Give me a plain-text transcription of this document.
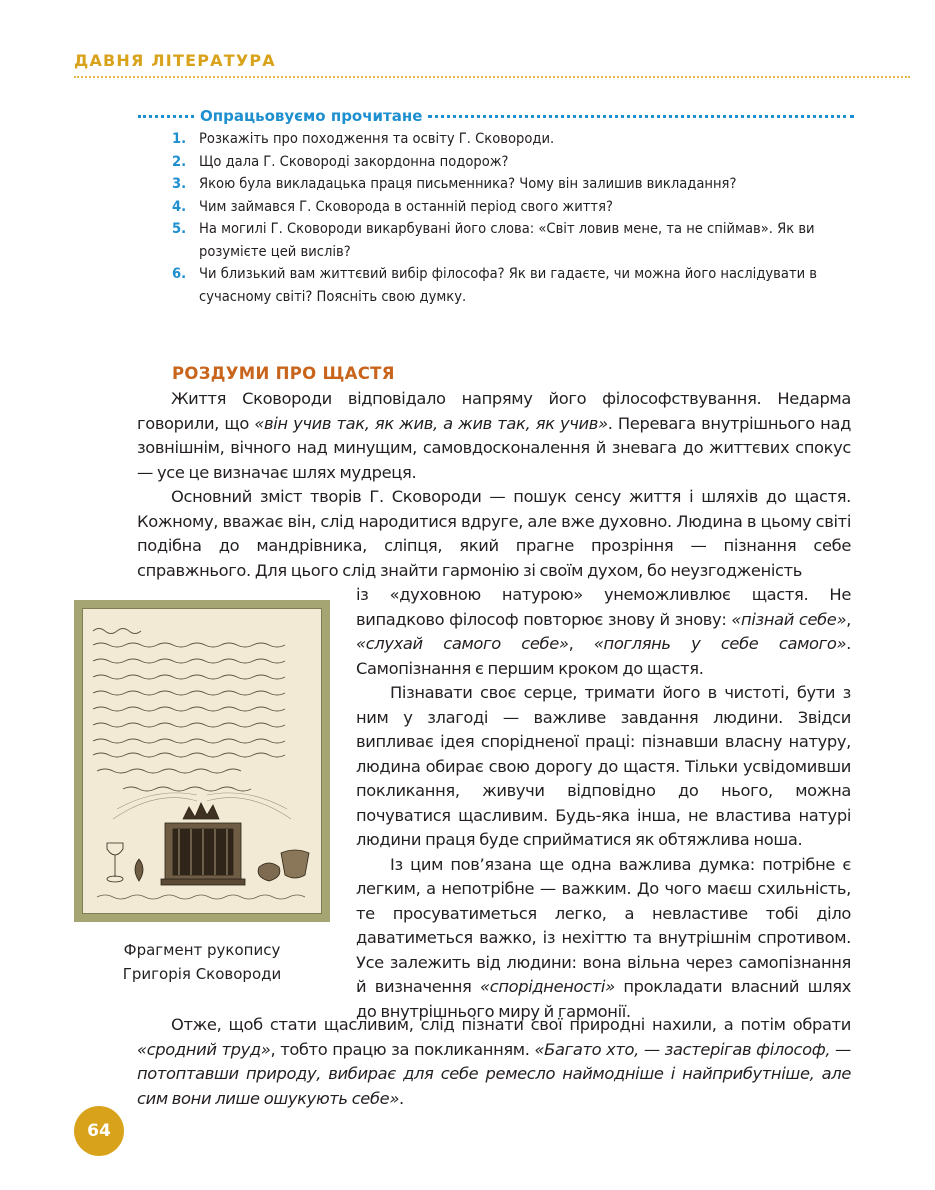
ДАВНЯ ЛІТЕРАТУРА
Опрацьовуємо прочитане
1. Розкажіть про походження та освіту Г. Сковороди.
2. Що дала Г. Сковороді закордонна подорож?
3. Якою була викладацька праця письменника? Чому він залишив викладання?
4. Чим займався Г. Сковорода в останній період свого життя?
5. На могилі Г. Сковороди викарбувані його слова: «Світ ловив мене, та не спіймав». Як ви розумієте цей вислів?
6. Чи близький вам життєвий вибір філософа? Як ви гадаєте, чи можна його наслідувати в сучасному світі? Поясніть свою думку.
РОЗДУМИ ПРО ЩАСТЯ

Життя Сковороди відповідало напряму його філософствування. Недарма говорили, що «він учив так, як жив, а жив так, як учив». Перевага внутрішнього над зовнішнім, вічного над минущим, самовдосконалення й зневага до життєвих спокус — усе це визначає шлях мудреця.

Основний зміст творів Г. Сковороди — пошук сенсу життя і шляхів до щастя. Кожному, вважає він, слід народитися вдруге, але вже духовно. Людина в цьому світі подібна до мандрівника, сліпця, який прагне прозріння — пізнання себе справжнього. Для цього слід знайти гармонію зі своїм духом, бо неузгодженість

Фрагмент рукопису
Григорія Сковороди

із «духовною натурою» унеможливлює щастя. Не випадково філософ повторює знову й знову: «пізнай себе», «слухай самого себе», «поглянь у себе самого». Самопізнання є першим кроком до щастя.

Пізнавати своє серце, тримати його в чистоті, бути з ним у злагоді — важливе завдання людини. Звідси випливає ідея спорідненої праці: пізнавши власну натуру, людина обирає свою дорогу до щастя. Тільки усвідомивши покликання, живучи відповідно до нього, можна почуватися щасливим. Будь-яка інша, не властива натурі людини праця буде сприйматися як обтяжлива ноша.

Із цим пов’язана ще одна важлива думка: потрібне є легким, а непотрібне — важким. До чого маєш схильність, те просуватиметься легко, а невластиве тобі діло даватиметься важко, із нехіттю та внутрішнім спротивом. Усе залежить від людини: вона вільна через самопізнання й визначення «спорідненості» прокладати власний шлях до внутрішнього миру й гармонії.

Отже, щоб стати щасливим, слід пізнати свої природні нахили, а потім обрати «сродний труд», тобто працю за покликанням. «Багато хто, — застерігав філософ, — потоптавши природу, вибирає для себе ремесло наймодніше і найприбутніше, але сим вони лише ошукують себе».

64
